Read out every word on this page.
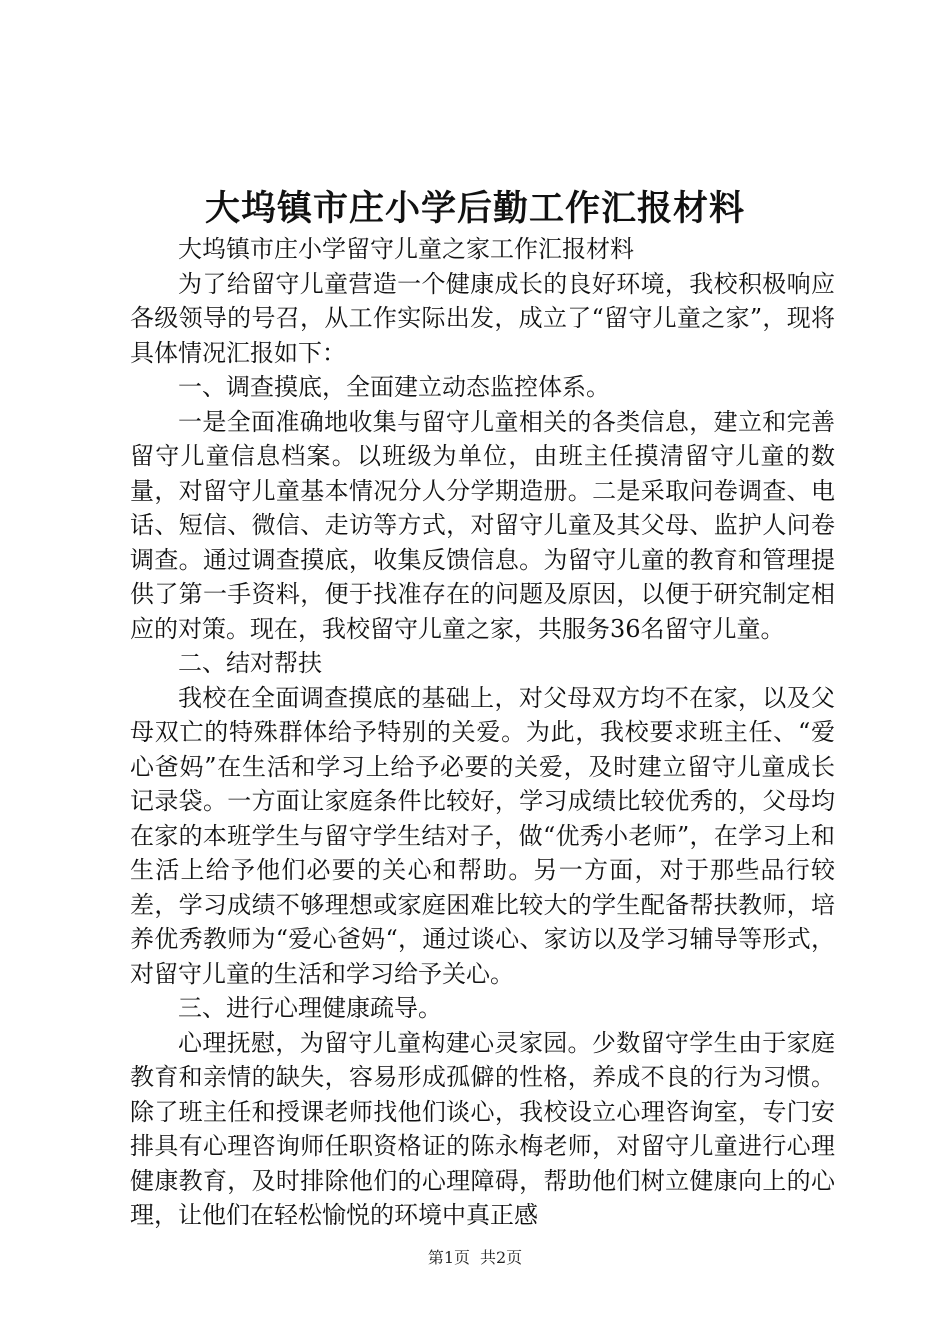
大坞镇市庄小学后勤工作汇报材料

大坞镇市庄小学留守儿童之家工作汇报材料

为了给留守儿童营造一个健康成长的良好环境，我校积极响应各级领导的号召，从工作实际出发，成立了“留守儿童之家”，现将具体情况汇报如下：

一、调查摸底，全面建立动态监控体系。

一是全面准确地收集与留守儿童相关的各类信息，建立和完善留守儿童信息档案。以班级为单位，由班主任摸清留守儿童的数量，对留守儿童基本情况分人分学期造册。二是采取问卷调查、电话、短信、微信、走访等方式，对留守儿童及其父母、监护人问卷调查。通过调查摸底，收集反馈信息。为留守儿童的教育和管理提供了第一手资料，便于找准存在的问题及原因，以便于研究制定相应的对策。现在，我校留守儿童之家，共服务36名留守儿童。

二、结对帮扶

我校在全面调查摸底的基础上，对父母双方均不在家，以及父母双亡的特殊群体给予特别的关爱。为此，我校要求班主任、“爱心爸妈”在生活和学习上给予必要的关爱，及时建立留守儿童成长记录袋。一方面让家庭条件比较好，学习成绩比较优秀的，父母均在家的本班学生与留守学生结对子，做“优秀小老师”，在学习上和生活上给予他们必要的关心和帮助。另一方面，对于那些品行较差，学习成绩不够理想或家庭困难比较大的学生配备帮扶教师，培养优秀教师为“爱心爸妈“，通过谈心、家访以及学习辅导等形式，对留守儿童的生活和学习给予关心。

三、进行心理健康疏导。

心理抚慰，为留守儿童构建心灵家园。少数留守学生由于家庭教育和亲情的缺失，容易形成孤僻的性格，养成不良的行为习惯。除了班主任和授课老师找他们谈心，我校设立心理咨询室，专门安排具有心理咨询师任职资格证的陈永梅老师，对留守儿童进行心理健康教育，及时排除他们的心理障碍，帮助他们树立健康向上的心理，让他们在轻松愉悦的环境中真正感

第1页 共2页
